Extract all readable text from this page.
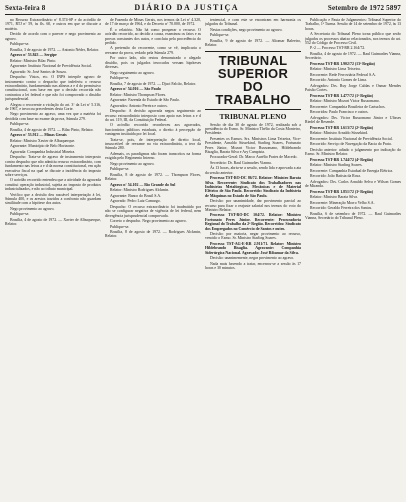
Sexta-feira 8	DIÁRIO DA JUSTIÇA	Setembro de 1972 5897

no Recurso Extraordinário nº 8.374-SP e do acórdão de 1971, RTJ nº 59, às fls. 60, e outros em que se discute a matéria.

Decido de acordo com o parecer e nego provimento ao agravo.

Publique-se.

Brasília, 3 de agosto de 1972. — Antonio Néder, Relator.

Agravo nº 53.843 — Sergipe

Relator: Ministro Bilac Pinto.

Agravante: Instituto Nacional de Previdência Social.

Agravado: Sr. José Santos de Souza.

Despacho: Vistos, etc. O INPS interpõe agravo de instrumento contra o despacho que indeferiu o recurso extraordinário, fundamentado nas alíneas a e d do permissivo constitucional, com base em que a decisão recorrida não contrariou a lei federal e que não foi comprovado o dissídio jurisprudencial.

Alegou o recorrente a violação do art. 3º da Lei nº 5.316, de 1967, e invocou precedentes desta Corte.

Nego provimento ao agravo, uma vez que a matéria foi decidida com base no exame da prova, Súmula 279.

Publique-se.

Brasília, 4 de agosto de 1972. — Bilac Pinto, Relator.

Agravo nº 53.912 — Minas Gerais

Relator: Ministro Xavier de Albuquerque.

Agravante: Município de Belo Horizonte.

Agravada: Companhia Industrial Mineira.

Despacho: Trata-se de agravo de instrumento interposto contra despacho que não admitiu recurso extraordinário, com fundamento nas letras a e d da norma constitucional, em ação executiva fiscal na qual se discute a incidência do imposto sobre serviços.

O acórdão recorrido entendeu que a atividade da agravada constitui operação industrial, sujeita ao imposto de produtos industrializados, e não ao tributo municipal.

Verifico que a decisão deu razoável interpretação à lei, Súmula 400, e os arestos trazidos a confronto não guardam similitude com a hipótese dos autos.

Nego provimento ao agravo.

Publique-se.

Brasília, 4 de agosto de 1972. — Xavier de Albuquerque, Relator.

de Fazenda de Minas Gerais, nos termos da Lei nº 4.320, de 17 de março de 1964, e do Decreto nº 70.000, de 1972.

É o relatório. Não há como prosperar o recurso. O acórdão recorrido, ao decidir a causa, examinou os fatos e as provas constantes dos autos, e concluiu pela procedência do pedido.

A pretensão do recorrente, como se vê, implicaria o reexame da prova, vedado pela Súmula 279.

Por outro lado, não restou demonstrado o alegado dissídio, pois os julgados invocados versam hipóteses diversas.

Nego seguimento ao agravo.

Publique-se.

Brasília, 7 de agosto de 1972. — Djaci Falcão, Relator.

Agravo nº 54.016 — São Paulo

Relator: Ministro Thompson Flores.

Agravante: Fazenda do Estado de São Paulo.

Agravados: Antonio Pereira e outros.

Despacho: A decisão agravada negou seguimento ao recurso extraordinário interposto com apoio nas letras a e d do art. 119, III, da Constituição Federal.

O acórdão recorrido reconheceu aos agravados, funcionários públicos estaduais, o direito à percepção de vantagem instituída por lei local.

Trata-se, pois, de interpretação de direito local, insuscetível de reexame na via extraordinária, a teor da Súmula 280.

Ademais, os paradigmas não foram transcritos na forma exigida pelo Regimento Interno.

Nego provimento ao agravo.

Publique-se.

Brasília, 8 de agosto de 1972. — Thompson Flores, Relator.

Agravo nº 54.102 — Rio Grande do Sul

Relator: Ministro Rodrigues Alckmin.

Agravante: Banco do Brasil S.A.

Agravado: Pedro Luiz Camargo.

Despacho: O recurso extraordinário foi inadmitido por não se configurar negativa de vigência de lei federal, nem divergência jurisprudencial comprovada.

Correto o despacho. Nego provimento ao agravo.

Publique-se.

Brasília, 8 de agosto de 1972. — Rodrigues Alckmin, Relator.

tentencial, e com este se encontram em harmonia os julgados do Tribunal.

Nestas condições, nego provimento ao agravo.

Publique-se.

Brasília, 9 de agosto de 1972. — Aliomar Baleeiro, Relator.

TRIBUNAL SUPERIOR
DO TRABALHO
TRIBUNAL PLENO

Sessão de dia 30 de agosto de 1972, realizada sob a presidência do Exmo. Sr. Ministro Thélio da Costa Monteiro, Presidente.

Presentes os Exmos. Srs. Ministros Lima Teixeira, Vice-Presidente, Arnaldo Süssekind, Starling Soares, Fortunato Peres Júnior, Mozart Victor Russomano, Hildebrando Bisaglia, Barata Silva e Ary Campista.

Procurador-Geral: Dr. Marco Aurélio Prates de Macedo.

Secretário: Dr. Raul Guimarães Vianna.

Às 13 horas, abriu-se a sessão, sendo lida e aprovada a ata da sessão anterior.

Processo TST-RO-DC 86/72. Relator: Ministro Barata Silva. Recorrente: Sindicato dos Trabalhadores nas Indústrias Metalúrgicas, Mecânicas e de Material Elétrico de São Paulo. Recorrido: Sindicato da Indústria de Máquinas no Estado de São Paulo.

Decisão: por unanimidade, dar provimento parcial ao recurso para fixar o reajuste salarial nos termos do voto do Ministro Relator.

Processo TST-RO-DC 104/72. Relator: Ministro Fortunato Peres Júnior. Recorrente: Procuradoria Regional do Trabalho da 2ª Região. Recorridos: Sindicato dos Empregados no Comércio de Santos e outro.

Decisão: por maioria, negar provimento ao recurso, vencido o Exmo. Sr. Ministro Starling Soares.

Processo TST-AG-E-RR 2.911/71. Relator: Ministro Hildebrando Bisaglia. Agravante: Companhia Siderúrgica Nacional. Agravado: José Ribamar da Silva.

Decisão: unanimemente, negar provimento ao agravo.

Nada mais havendo a tratar, encerrou-se a sessão às 17 horas e 30 minutos.

Publicação e Pauta de Julgamentos: Tribunal Superior do Trabalho, 1ª Turma. Sessão de 14 de setembro de 1972, às 13 horas.

A Secretaria do Tribunal Pleno torna público que serão julgados os processos abaixo relacionados, nos termos do art. 552 do Código de Processo Civil.

P.-2 — Processo TST-RR 2.164/72.

Brasília, 4 de agosto de 1972. — Raul Guimarães Vianna, Secretário.

Processo TST-RR 1.902/72 (13ª Região)

Relator: Ministro Lima Teixeira.

Recorrente: Rede Ferroviária Federal S.A.

Recorrido: Antonio Gomes de Lima.

Advogados: Drs. Ruy Jorge Caldas e Osmar Mendes Paixão Cortes.

Processo TST-RR 1.477/72 (1ª Região)

Relator: Ministro Mozart Victor Russomano.

Recorrente: Companhia Brasileira de Cartuchos.

Recorridos: Paulo Francisco e outros.

Advogados: Drs. Victor Russomano Júnior e Ulisses Riedel de Resende.

Processo TST-RR 1.613/72 (2ª Região)

Relator: Ministro Arnaldo Süssekind.

Recorrente: Instituto Nacional de Previdência Social.

Recorrido: Serviço de Navegação da Bacia do Prata.

Decisão anterior: adiado o julgamento por indicação do Exmo. Sr. Ministro Relator.

Processo TST-RR 1.744/72 (4ª Região)

Relator: Ministro Starling Soares.

Recorrente: Companhia Estadual de Energia Elétrica.

Recorrido: João Batista da Rosa.

Advogados: Drs. Carlos Arnaldo Selva e Wilson Gomes de Miranda.

Processo TST-RR 1.851/72 (3ª Região)

Relator: Ministro Barata Silva.

Recorrente: Mineração Morro Velho S.A.

Recorrido: Geraldo Ferreira dos Santos.

Brasília, 6 de setembro de 1972. — Raul Guimarães Vianna, Secretário do Tribunal Pleno.
